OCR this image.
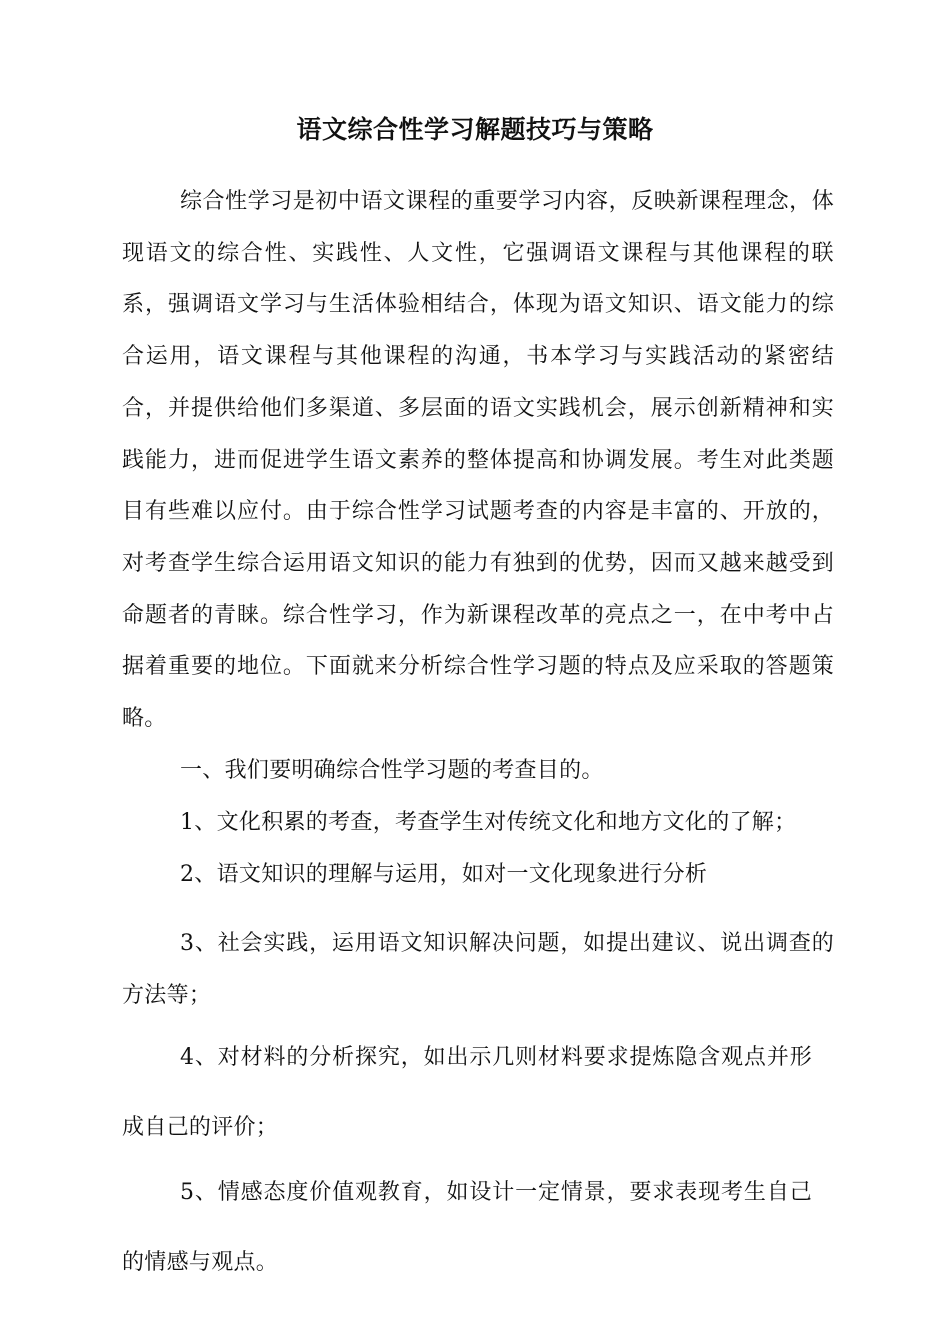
语文综合性学习解题技巧与策略

综合性学习是初中语文课程的重要学习内容，反映新课程理念，体现语文的综合性、实践性、人文性，它强调语文课程与其他课程的联系，强调语文学习与生活体验相结合，体现为语文知识、语文能力的综合运用，语文课程与其他课程的沟通，书本学习与实践活动的紧密结合，并提供给他们多渠道、多层面的语文实践机会，展示创新精神和实践能力，进而促进学生语文素养的整体提高和协调发展。考生对此类题目有些难以应付。由于综合性学习试题考查的内容是丰富的、开放的，对考查学生综合运用语文知识的能力有独到的优势，因而又越来越受到命题者的青睐。综合性学习，作为新课程改革的亮点之一，在中考中占据着重要的地位。下面就来分析综合性学习题的特点及应采取的答题策略。

一、我们要明确综合性学习题的考查目的。

1、文化积累的考查，考查学生对传统文化和地方文化的了解；

2、语文知识的理解与运用，如对一文化现象进行分析

3、社会实践，运用语文知识解决问题，如提出建议、说出调查的方法等；

4、对材料的分析探究，如出示几则材料要求提炼隐含观点并形成自己的评价；

5、情感态度价值观教育，如设计一定情景，要求表现考生自己的情感与观点。
